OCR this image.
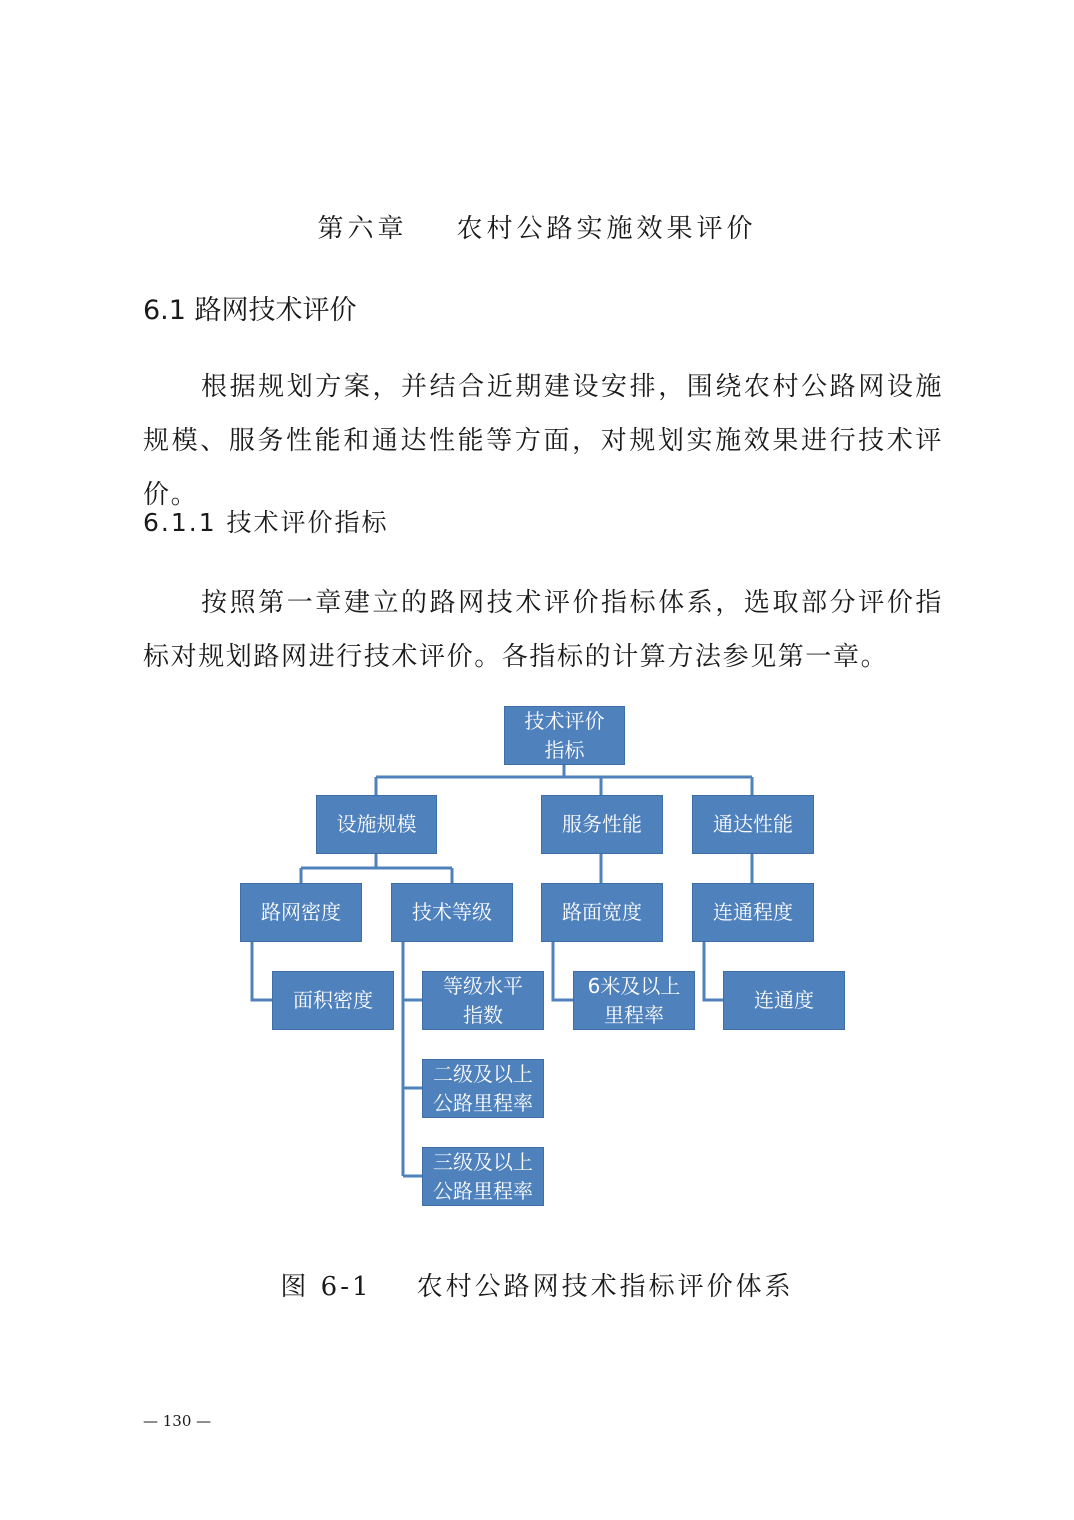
第六章    农村公路实施效果评价
6.1 路网技术评价
根据规划方案，并结合近期建设安排，围绕农村公路网设施规模、服务性能和通达性能等方面，对规划实施效果进行技术评价。
6.1.1 技术评价指标
按照第一章建立的路网技术评价指标体系，选取部分评价指标对规划路网进行技术评价。各指标的计算方法参见第一章。
技术评价
指标
设施规模	服务性能	通达性能
路网密度	技术等级	路面宽度	连通程度
面积密度
等级水平
指数
6米及以上
里程率
连通度
二级及以上
公路里程率
三级及以上
公路里程率
图 6-1    农村公路网技术指标评价体系
— 130 —
